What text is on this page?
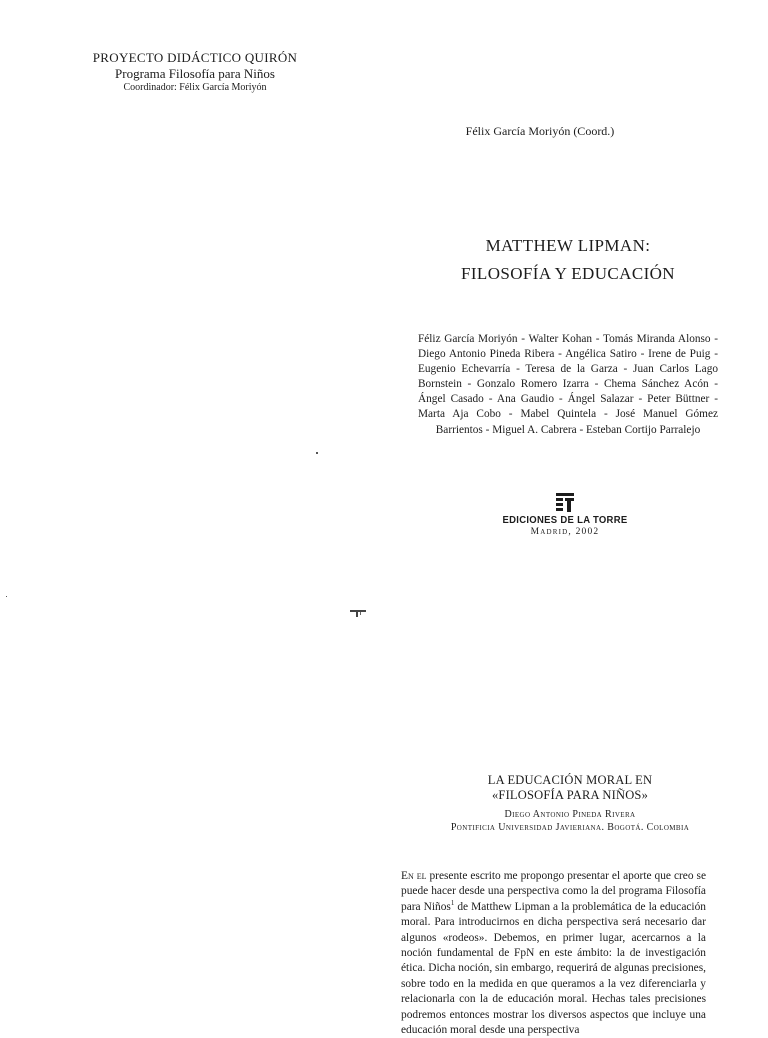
PROYECTO DIDÁCTICO QUIRÓN
Programa Filosofía para Niños
Coordinador: Félix García Moriyón
Félix García Moriyón (Coord.)
MATTHEW LIPMAN:
FILOSOFÍA Y EDUCACIÓN
Féliz García Moriyón - Walter Kohan - Tomás Miranda Alonso - Diego Antonio Pineda Ribera - Angélica Satiro - Irene de Puig - Eugenio Echevarría - Teresa de la Garza - Juan Carlos Lago Bornstein - Gonzalo Romero Izarra - Chema Sánchez Acón - Ángel Casado - Ana Gaudio - Ángel Salazar - Peter Büttner - Marta Aja Cobo - Mabel Quintela - José Manuel Gómez Barrientos - Miguel A. Cabrera - Esteban Cortijo Parralejo
EDICIONES DE LA TORRE
Madrid, 2002
LA EDUCACIÓN MORAL EN
«FILOSOFÍA PARA NIÑOS»
Diego Antonio Pineda Rivera
Pontificia Universidad Javieriana. Bogotá. Colombia
En el presente escrito me propongo presentar el aporte que creo se puede hacer desde una perspectiva como la del programa Filosofía para Niños$^1$ de Matthew Lipman a la problemática de la educación moral. Para introducirnos en dicha perspectiva será necesario dar algunos «rodeos». Debemos, en primer lugar, acercarnos a la noción fundamental de FpN en este ámbito: la de investigación ética. Dicha noción, sin embargo, requerirá de algunas precisiones, sobre todo en la medida en que queramos a la vez diferenciarla y relacionarla con la de educación moral. Hechas tales precisiones podremos entonces mostrar los diversos aspectos que incluye una educación moral desde una perspectiva
